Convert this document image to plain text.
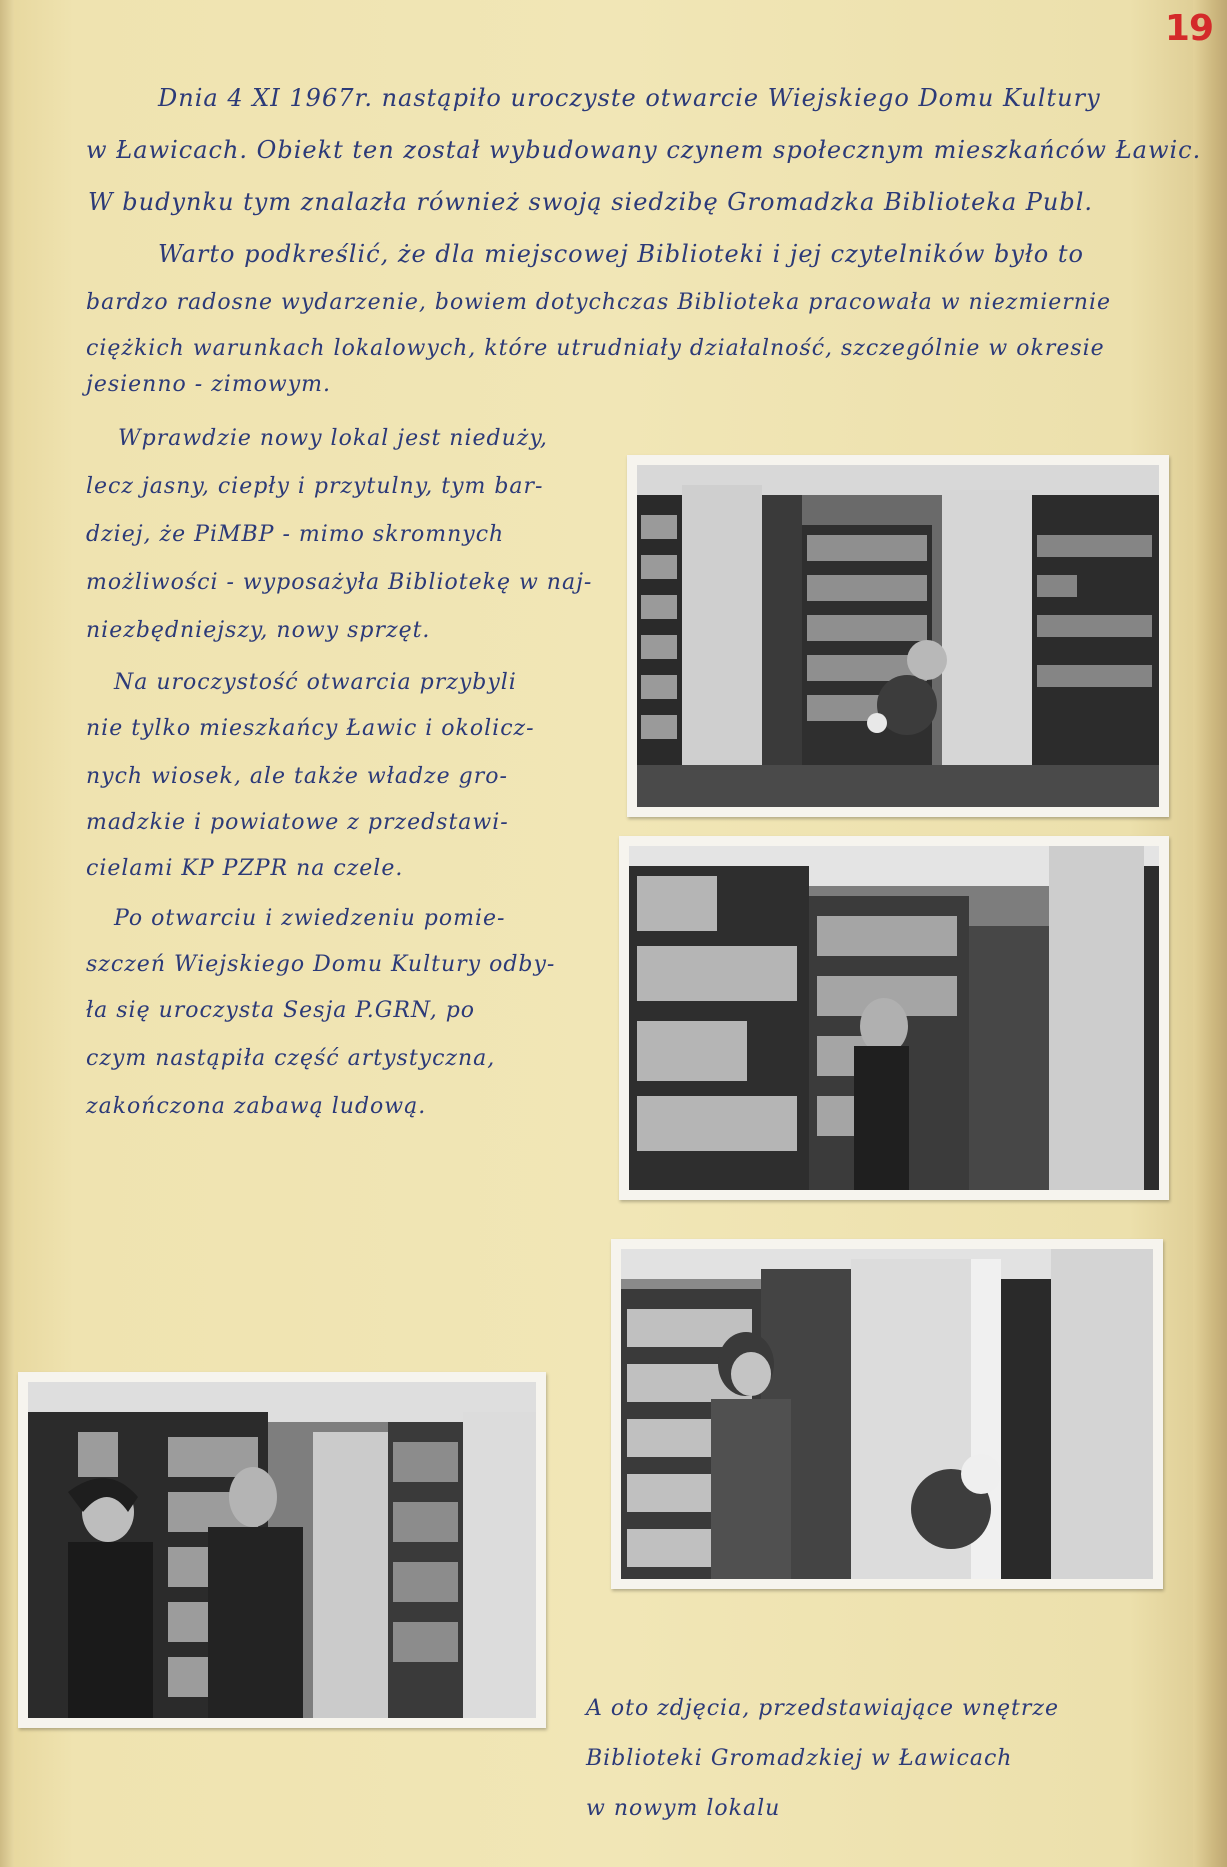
19
Dnia 4 XI 1967r. nastąpiło uroczyste otwarcie Wiejskiego Domu Kultury
w Ławicach. Obiekt ten został wybudowany czynem społecznym mieszkańców Ławic.
W budynku tym znalazła również swoją siedzibę Gromadzka Biblioteka Publ.
Warto podkreślić, że dla miejscowej Biblioteki i jej czytelników było to
bardzo radosne wydarzenie, bowiem dotychczas Biblioteka pracowała w niezmiernie
ciężkich warunkach lokalowych, które utrudniały działalność, szczególnie w okresie
jesienno - zimowym.
Wprawdzie nowy lokal jest nieduży,
lecz jasny, ciepły i przytulny, tym bar-
dziej, że PiMBP - mimo skromnych
możliwości - wyposażyła Bibliotekę w naj-
niezbędniejszy, nowy sprzęt.
Na uroczystość otwarcia przybyli
nie tylko mieszkańcy Ławic i okolicz-
nych wiosek, ale także władze gro-
madzkie i powiatowe z przedstawi-
cielami KP PZPR na czele.
Po otwarciu i zwiedzeniu pomie-
szczeń Wiejskiego Domu Kultury odby-
ła się uroczysta Sesja P.GRN, po
czym nastąpiła część artystyczna,
zakończona zabawą ludową.
A oto zdjęcia, przedstawiające wnętrze
Biblioteki Gromadzkiej w Ławicach
w nowym lokalu
